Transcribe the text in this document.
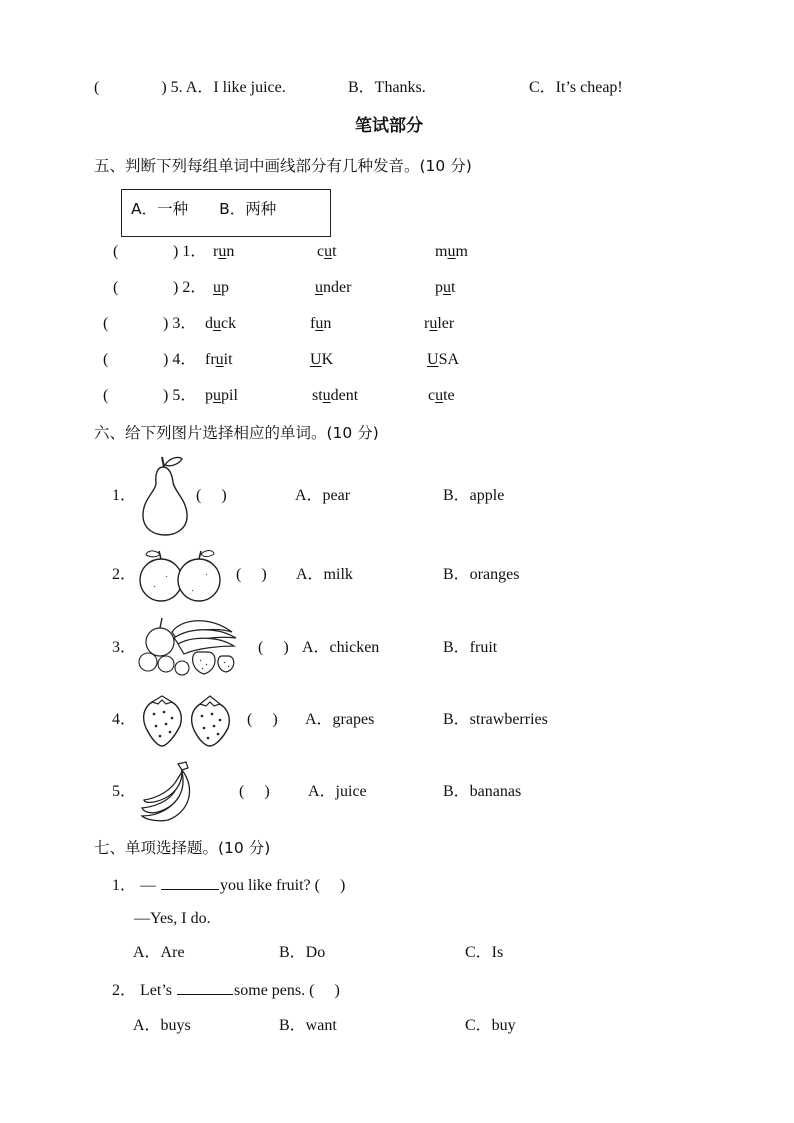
(	) 5. A．I like juice.	B．Thanks.	C．It’s cheap!
笔试部分
五、判断下列每组单词中画线部分有几种发音。(10 分)
A．一种　　B．两种
(	) 1． run	cut	mum
(	) 2． up	under	put
(	) 3． duck	fun	ruler
(	) 4． fruit	UK	USA
(	) 5． pupil	student	cute
六、给下列图片选择相应的单词。(10 分)
1．	(　 )	A．pear	B．apple
2．	(　 ) A．milk	B．oranges
3．	(　 ) A．chicken	B．fruit
4．	(　 ) A．grapes	B．strawberries
5．	(　 ) A．juice	B．bananas
七、单项选择题。(10 分)
1． —	you like fruit? (　 )
—Yes, I do.
A．Are	B．Do	C．Is
2． Let’s	some pens. (　 )
A．buys	B．want	C．buy
